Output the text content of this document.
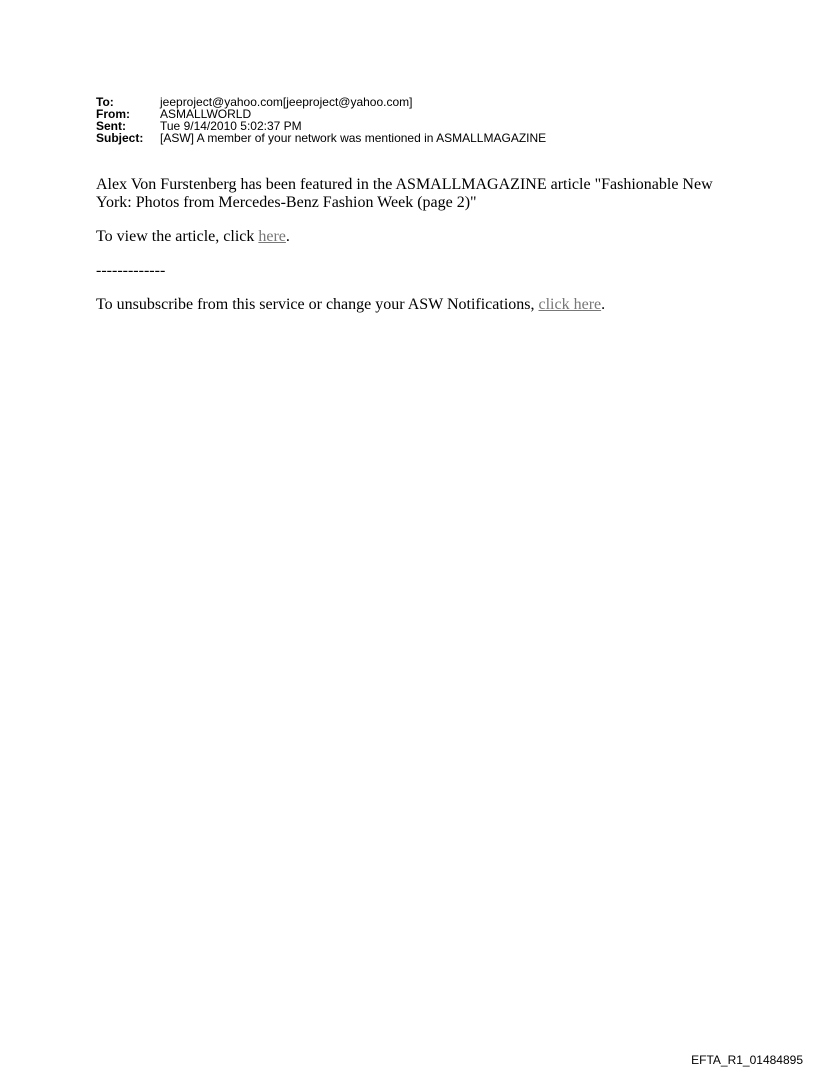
To:	jeeproject@yahoo.com[jeeproject@yahoo.com]
From:	ASMALLWORLD
Sent:	Tue 9/14/2010 5:02:37 PM
Subject:	[ASW] A member of your network was mentioned in ASMALLMAGAZINE

Alex Von Furstenberg has been featured in the ASMALLMAGAZINE article "Fashionable New York: Photos from Mercedes-Benz Fashion Week (page 2)"

To view the article, click here.

-------------

To unsubscribe from this service or change your ASW Notifications, click here.

EFTA_R1_01484895
